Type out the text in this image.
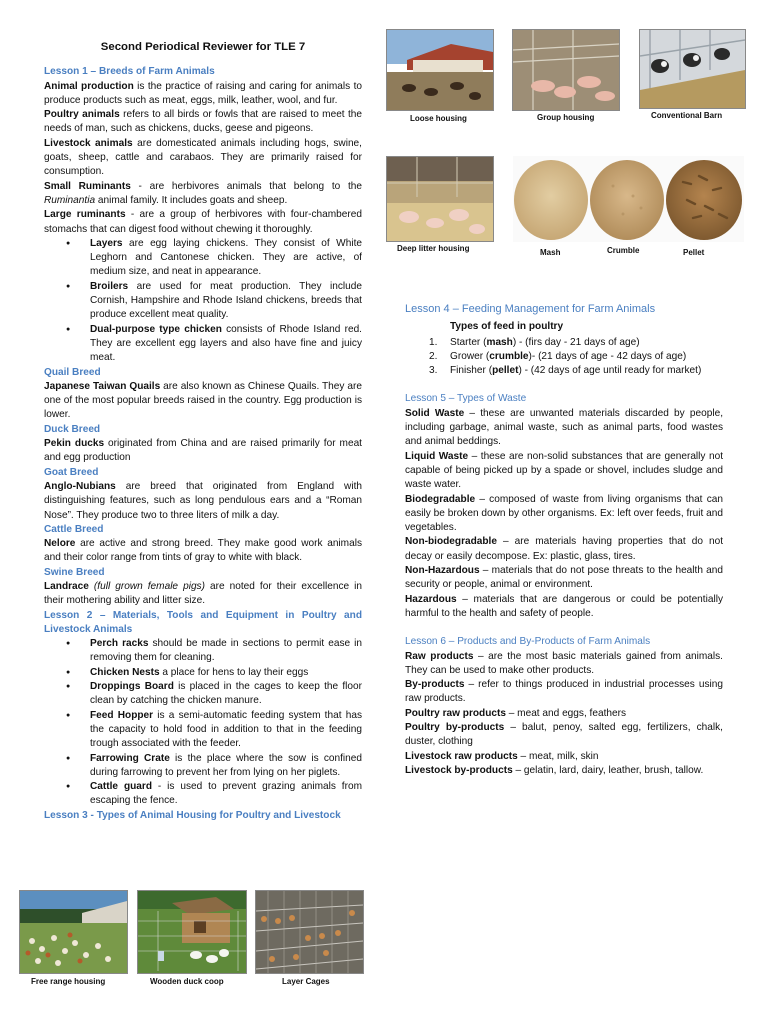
Second Periodical Reviewer for TLE 7

Lesson 1 – Breeds of Farm Animals

Animal production is the practice of raising and caring for animals to produce products such as meat, eggs, milk, leather, wool, and fur.

Poultry animals refers to all birds or fowls that are raised to meet the needs of man, such as chickens, ducks, geese and pigeons.

Livestock animals are domesticated animals including hogs, swine, goats, sheep, cattle and carabaos. They are primarily raised for consumption.

Small Ruminants - are herbivores animals that belong to the Ruminantia animal family. It includes goats and sheep.

Large ruminants - are a group of herbivores with four-chambered stomachs that can digest food without chewing it thoroughly.

● Layers are egg laying chickens. They consist of White Leghorn and Cantonese chicken. They are active, of medium size, and neat in appearance.
● Broilers are used for meat production. They include Cornish, Hampshire and Rhode Island chickens, breeds that produce excellent meat quality.
● Dual-purpose type chicken consists of Rhode Island red. They are excellent egg layers and also have fine and juicy meat.

Quail Breed

Japanese Taiwan Quails are also known as Chinese Quails. They are one of the most popular breeds raised in the country. Egg production is lower.

Duck Breed

Pekin ducks originated from China and are raised primarily for meat and egg production

Goat Breed

Anglo-Nubians are breed that originated from England with distinguishing features, such as long pendulous ears and a “Roman Nose”. They produce two to three liters of milk a day.

Cattle Breed

Nelore are active and strong breed. They make good work animals and their color range from tints of gray to white with black.

Swine Breed

Landrace (full grown female pigs) are noted for their excellence in their mothering ability and litter size.

Lesson 2 – Materials, Tools and Equipment in Poultry and Livestock Animals

● Perch racks should be made in sections to permit ease in removing them for cleaning.
● Chicken Nests a place for hens to lay their eggs
● Droppings Board is placed in the cages to keep the floor clean by catching the chicken manure.
● Feed Hopper is a semi-automatic feeding system that has the capacity to hold food in addition to that in the feeding trough associated with the feeder.
● Farrowing Crate is the place where the sow is confined during farrowing to prevent her from lying on her piglets.
● Cattle guard - is used to prevent grazing animals from escaping the fence.

Lesson 3 - Types of Animal Housing for Poultry and Livestock

Free range housing	Wooden duck coop	Layer Cages
Loose housing	Group housing	Conventional Barn
Deep litter housing	Mash	Crumble	Pellet

Lesson 4 – Feeding Management for Farm Animals

Types of feed in poultry

1. Starter (mash) - (firs day - 21 days of age)
2. Grower (crumble)- (21 days of age - 42 days of age)
3. Finisher (pellet) - (42 days of age until ready for market)

Lesson 5 – Types of Waste

Solid Waste – these are unwanted materials discarded by people, including garbage, animal waste, such as animal parts, food wastes and animal beddings.

Liquid Waste – these are non-solid substances that are generally not capable of being picked up by a spade or shovel, includes sludge and waste water.

Biodegradable – composed of waste from living organisms that can easily be broken down by other organisms. Ex: left over feeds, fruit and vegetables.

Non-biodegradable – are materials having properties that do not decay or easily decompose. Ex: plastic, glass, tires.

Non-Hazardous – materials that do not pose threats to the health and security or people, animal or environment.

Hazardous – materials that are dangerous or could be potentially harmful to the health and safety of people.

Lesson 6 – Products and By-Products of Farm Animals

Raw products – are the most basic materials gained from animals. They can be used to make other products.

By-products – refer to things produced in industrial processes using raw products.

Poultry raw products – meat and eggs, feathers

Poultry by-products – balut, penoy, salted egg, fertilizers, chalk, duster, clothing

Livestock raw products – meat, milk, skin

Livestock by-products – gelatin, lard, dairy, leather, brush, tallow.
